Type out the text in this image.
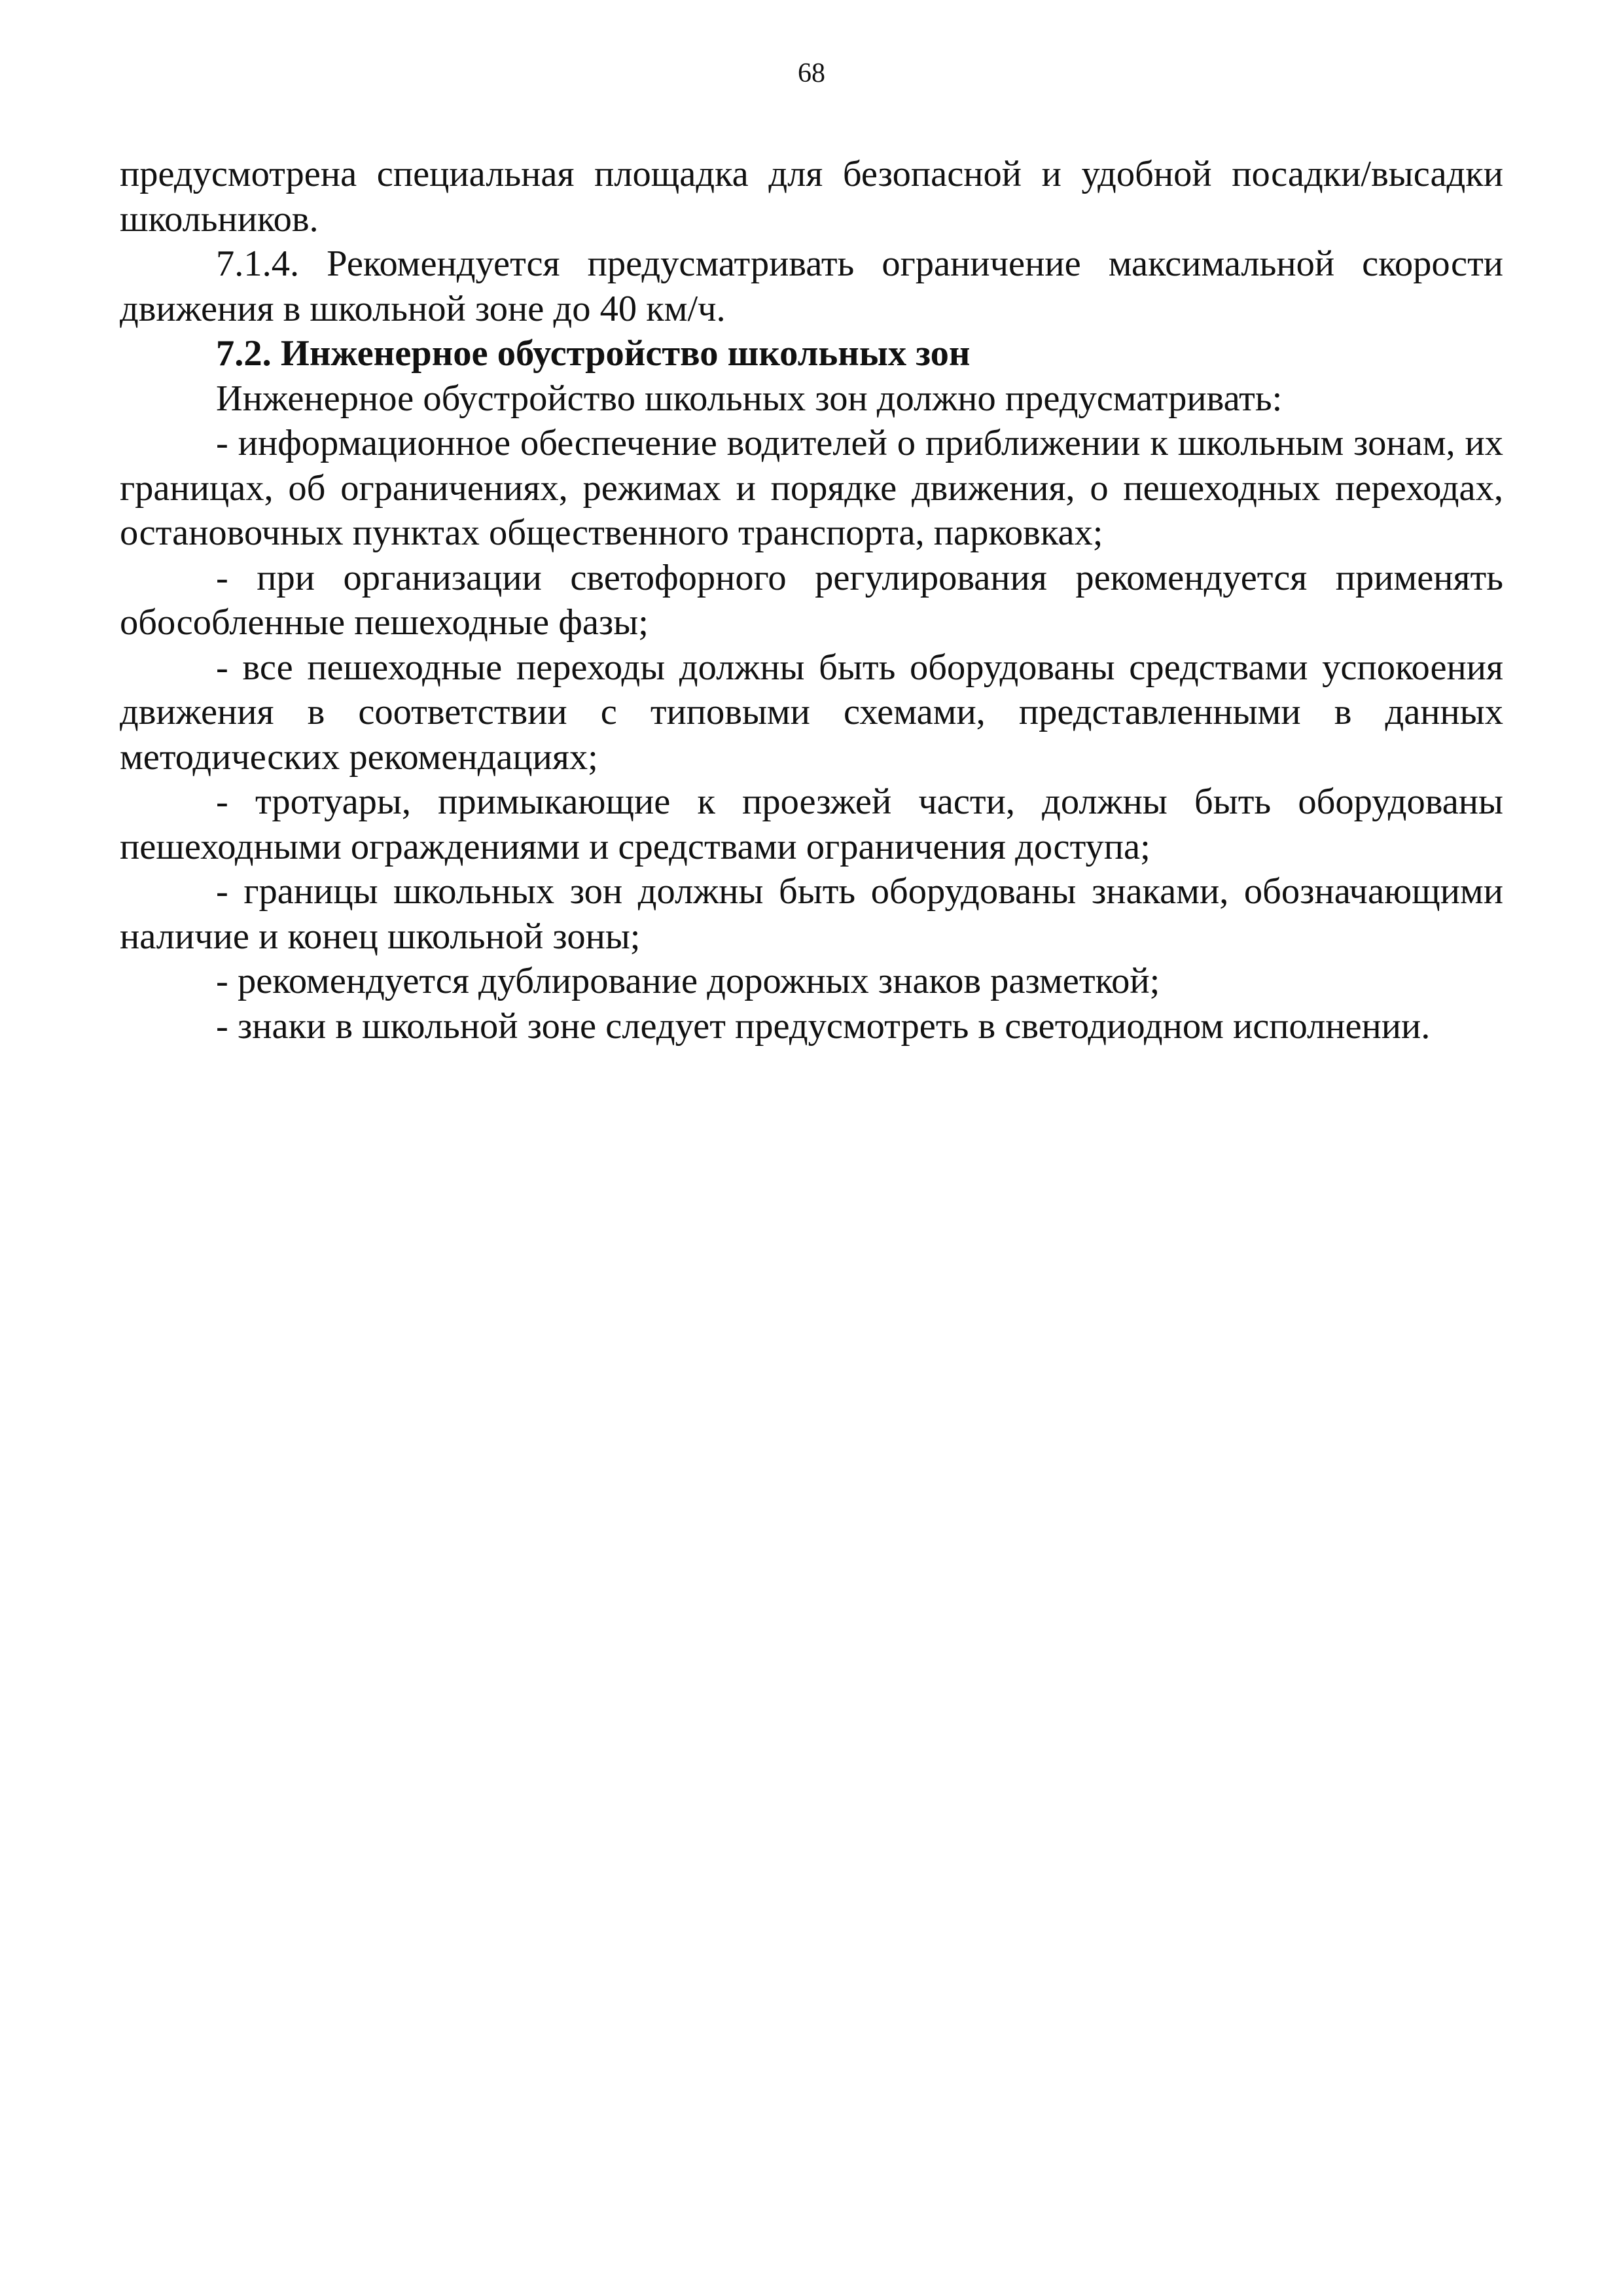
68

предусмотрена специальная площадка для безопасной и удобной посадки/высадки школьников.

7.1.4. Рекомендуется предусматривать ограничение максимальной скорости движения в школьной зоне до 40 км/ч.

7.2. Инженерное обустройство школьных зон

Инженерное обустройство школьных зон должно предусматривать:

- информационное обеспечение водителей о приближении к школьным зонам, их границах, об ограничениях, режимах и порядке движения, о пешеходных переходах, остановочных пунктах общественного транспорта, парковках;

- при организации светофорного регулирования рекомендуется применять обособленные пешеходные фазы;

- все пешеходные переходы должны быть оборудованы средствами успокоения движения в соответствии с типовыми схемами, представленными в данных методических рекомендациях;

- тротуары, примыкающие к проезжей части, должны быть оборудованы пешеходными ограждениями и средствами ограничения доступа;

- границы школьных зон должны быть оборудованы знаками, обозначающими наличие и конец школьной зоны;

- рекомендуется дублирование дорожных знаков разметкой;

- знаки в школьной зоне следует предусмотреть в светодиодном исполнении.
